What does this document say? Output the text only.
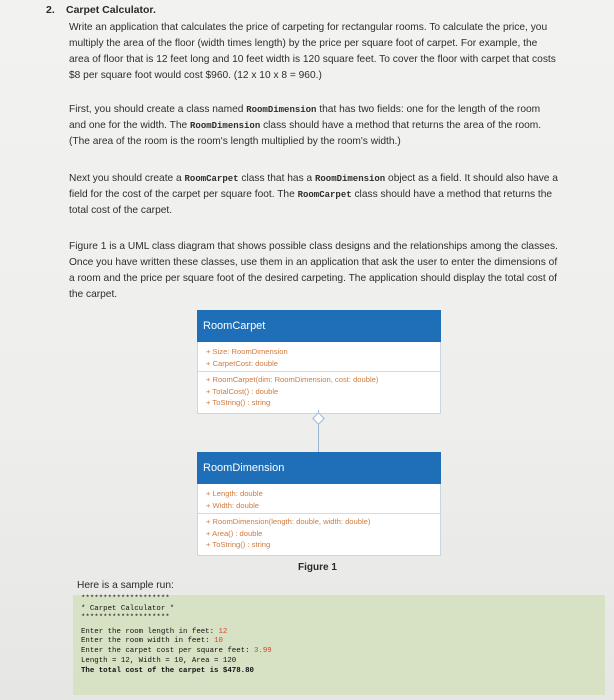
2. Carpet Calculator.
Write an application that calculates the price of carpeting for rectangular rooms. To calculate the price, you multiply the area of the floor (width times length) by the price per square foot of carpet. For example, the area of floor that is 12 feet long and 10 feet width is 120 square feet. To cover the floor with carpet that costs $8 per square foot would cost $960. (12 x 10 x 8 = 960.)
First, you should create a class named RoomDimension that has two fields: one for the length of the room and one for the width. The RoomDimension class should have a method that returns the area of the room. (The area of the room is the room's length multiplied by the room's width.)
Next you should create a RoomCarpet class that has a RoomDimension object as a field. It should also have a field for the cost of the carpet per square foot. The RoomCarpet class should have a method that returns the total cost of the carpet.
Figure 1 is a UML class diagram that shows possible class designs and the relationships among the classes. Once you have written these classes, use them in an application that ask the user to enter the dimensions of a room and the price per square foot of the desired carpeting. The application should display the total cost of the carpet.
RoomCarpet
+ Size: RoomDimension
+ CarpetCost: double
+ RoomCarpet(dim: RoomDimension, cost: double)
+ TotalCost() : double
+ ToString() : string
RoomDimension
+ Length: double
+ Width: double
+ RoomDimension(length: double, width: double)
+ Area() : double
+ ToString() : string
Figure 1
Here is a sample run:
********************
* Carpet Calculator *
********************
Enter the room length in feet: 12
Enter the room width in feet: 10
Enter the carpet cost per square feet: 3.99
Length = 12, Width = 10, Area = 120
The total cost of the carpet is $478.80
